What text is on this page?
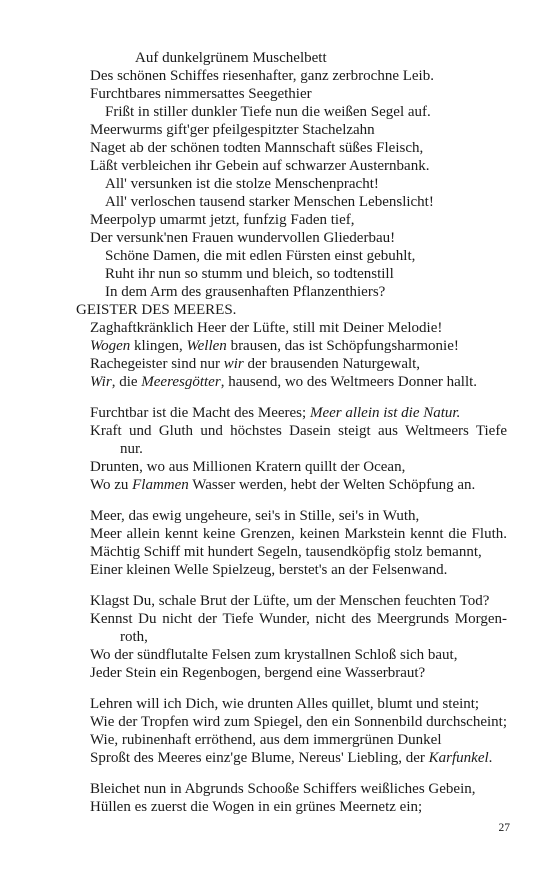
Auf dunkelgrünem Muschelbett
Des schönen Schiffes riesenhafter, ganz zerbrochne Leib.
Furchtbares nimmersattes Seegethier
Frißt in stiller dunkler Tiefe nun die weißen Segel auf.
Meerwurms gift'ger pfeilgespitzter Stachelzahn
Naget ab der schönen todten Mannschaft süßes Fleisch,
Läßt verbleichen ihr Gebein auf schwarzer Austernbank.
All' versunken ist die stolze Menschenpracht!
All' verloschen tausend starker Menschen Lebenslicht!
Meerpolyp umarmt jetzt, funfzig Faden tief,
Der versunk'nen Frauen wundervollen Gliederbau!
Schöne Damen, die mit edlen Fürsten einst gebuhlt,
Ruht ihr nun so stumm und bleich, so todtenstill
In dem Arm des grausenhaften Pflanzenthiers?
GEISTER DES MEERES.
Zaghaftkränklich Heer der Lüfte, still mit Deiner Melodie!
Wogen klingen, Wellen brausen, das ist Schöpfungsharmonie!
Rachegeister sind nur wir der brausenden Naturgewalt,
Wir, die Meeresgötter, hausend, wo des Weltmeers Donner hallt.
Furchtbar ist die Macht des Meeres; Meer allein ist die Natur.
Kraft und Gluth und höchstes Dasein steigt aus Weltmeers Tiefe
nur.
Drunten, wo aus Millionen Kratern quillt der Ocean,
Wo zu Flammen Wasser werden, hebt der Welten Schöpfung an.
Meer, das ewig ungeheure, sei's in Stille, sei's in Wuth,
Meer allein kennt keine Grenzen, keinen Markstein kennt die Fluth.
Mächtig Schiff mit hundert Segeln, tausendköpfig stolz bemannt,
Einer kleinen Welle Spielzeug, berstet's an der Felsenwand.
Klagst Du, schale Brut der Lüfte, um der Menschen feuchten Tod?
Kennst Du nicht der Tiefe Wunder, nicht des Meergrunds Morgen-
roth,
Wo der sündflutalte Felsen zum krystallnen Schloß sich baut,
Jeder Stein ein Regenbogen, bergend eine Wasserbraut?
Lehren will ich Dich, wie drunten Alles quillet, blumt und steint;
Wie der Tropfen wird zum Spiegel, den ein Sonnenbild durchscheint;
Wie, rubinenhaft erröthend, aus dem immergrünen Dunkel
Sproßt des Meeres einz'ge Blume, Nereus' Liebling, der Karfunkel.
Bleichet nun in Abgrunds Schooße Schiffers weißliches Gebein,
Hüllen es zuerst die Wogen in ein grünes Meernetz ein;
27
